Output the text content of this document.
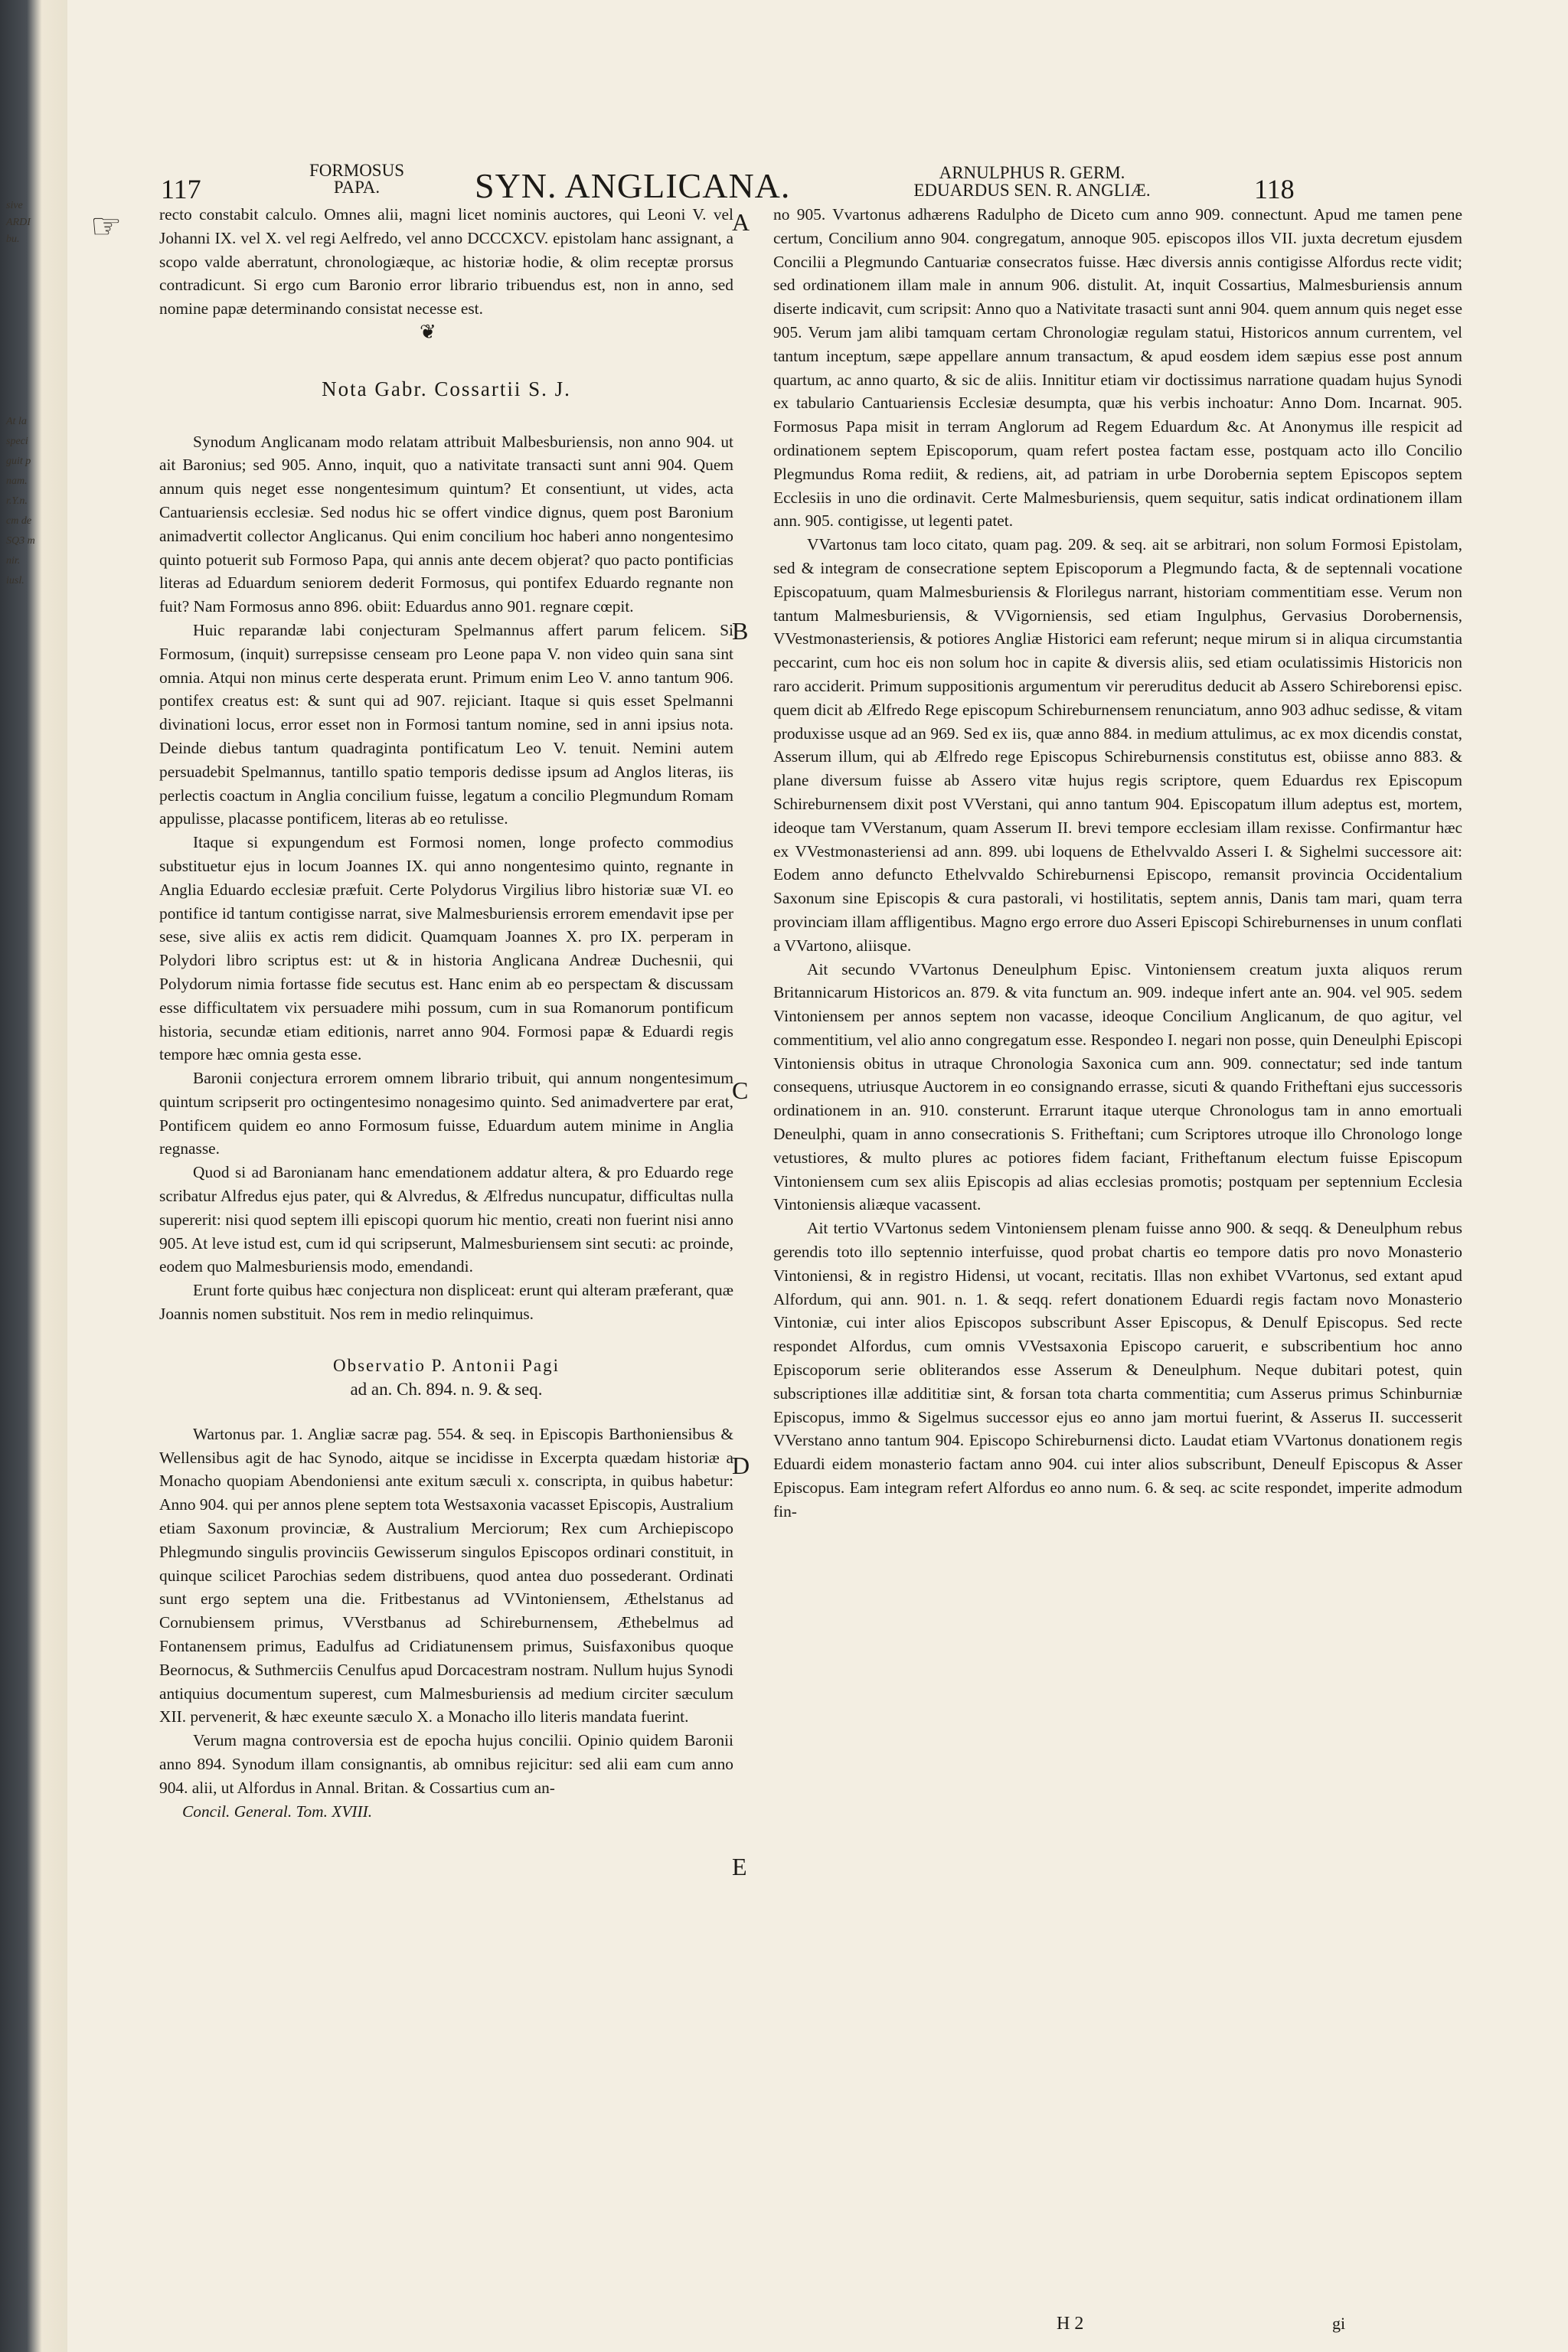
sive
ARDI
bu.
At la
speci
guit p
nam.
r.Y.n.
cm de
SQ3 m
nir.
iusl.
117
FORMOSUS PAPA.	SYN. ANGLICANA.	ARNULPHUS R. GERM.
EDUARDUS SEN. R. ANGLIÆ.	118
☞ recto constabit calculo. Omnes alii, magni licet nominis auctores, qui Leoni V. vel Johanni IX. vel X. vel regi Aelfredo, vel anno DCCCXCV. epistolam hanc assignant, a scopo valde aberratunt, chronologiæque, ac historiæ hodie, & olim receptæ prorsus contradicunt. Si ergo cum Baronio error librario tribuendus est, non in anno, sed nomine papæ determinando consistat necesse est.

❦
Nota Gabr. Cossartii S. J.

Synodum Anglicanam modo relatam attribuit Malbesburiensis, non anno 904. ut ait Baronius; sed 905. Anno, inquit, quo a nativitate transacti sunt anni 904. Quem annum quis neget esse nongentesimum quintum? Et consentiunt, ut vides, acta Cantuariensis ecclesiæ. Sed nodus hic se offert vindice dignus, quem post Baronium animadvertit collector Anglicanus. Qui enim concilium hoc haberi anno nongentesimo quinto potuerit sub Formoso Papa, qui annis ante decem objerat? quo pacto pontificias literas ad Eduardum seniorem dederit Formosus, qui pontifex Eduardo regnante non fuit? Nam Formosus anno 896. obiit: Eduardus anno 901. regnare cœpit.

Huic reparandæ labi conjecturam Spelmannus affert parum felicem. Si Formosum, (inquit) surrepsisse censeam pro Leone papa V. non video quin sana sint omnia. Atqui non minus certe desperata erunt. Primum enim Leo V. anno tantum 906. pontifex creatus est: & sunt qui ad 907. rejiciant. Itaque si quis esset Spelmanni divinationi locus, error esset non in Formosi tantum nomine, sed in anni ipsius nota. Deinde diebus tantum quadraginta pontificatum Leo V. tenuit. Nemini autem persuadebit Spelmannus, tantillo spatio temporis dedisse ipsum ad Anglos literas, iis perlectis coactum in Anglia concilium fuisse, legatum a concilio Plegmundum Romam appulisse, placasse pontificem, literas ab eo retulisse.

Itaque si expungendum est Formosi nomen, longe profecto commodius substituetur ejus in locum Joannes IX. qui anno nongentesimo quinto, regnante in Anglia Eduardo ecclesiæ præfuit. Certe Polydorus Virgilius libro historiæ suæ VI. eo pontifice id tantum contigisse narrat, sive Malmesburiensis errorem emendavit ipse per sese, sive aliis ex actis rem didicit. Quamquam Joannes X. pro IX. perperam in Polydori libro scriptus est: ut & in historia Anglicana Andreæ Duchesnii, qui Polydorum nimia fortasse fide secutus est. Hanc enim ab eo perspectam & discussam esse difficultatem vix persuadere mihi possum, cum in sua Romanorum pontificum historia, secundæ etiam editionis, narret anno 904. Formosi papæ & Eduardi regis tempore hæc omnia gesta esse.

Baronii conjectura errorem omnem librario tribuit, qui annum nongentesimum quintum scripserit pro octingentesimo nonagesimo quinto. Sed animadvertere par erat, Pontificem quidem eo anno Formosum fuisse, Eduardum autem minime in Anglia regnasse.

Quod si ad Baronianam hanc emendationem addatur altera, & pro Eduardo rege scribatur Alfredus ejus pater, qui & Alvredus, & Ælfredus nuncupatur, difficultas nulla supererit: nisi quod septem illi episcopi quorum hic mentio, creati non fuerint nisi anno 905. At leve istud est, cum id qui scripserunt, Malmesburiensem sint secuti: ac proinde, eodem quo Malmesburiensis modo, emendandi.

Erunt forte quibus hæc conjectura non displiceat: erunt qui alteram præferant, quæ Joannis nomen substituit. Nos rem in medio relinquimus.

Observatio P. Antonii Pagi
ad an. Ch. 894. n. 9. & seq.

Wartonus par. 1. Angliæ sacræ pag. 554. & seq. in Episcopis Barthoniensibus & Wellensibus agit de hac Synodo, aitque se incidisse in Excerpta quædam historiæ a Monacho quopiam Abendoniensi ante exitum sæculi x. conscripta, in quibus habetur: Anno 904. qui per annos plene septem tota Westsaxonia vacasset Episcopis, Australium etiam Saxonum provinciæ, & Australium Merciorum; Rex cum Archiepiscopo Phlegmundo singulis provinciis Gewisserum singulos Episcopos ordinari constituit, in quinque scilicet Parochias sedem distribuens, quod antea duo possederant. Ordinati sunt ergo septem una die. Fritbestanus ad VVintoniensem, Æthelstanus ad Cornubiensem primus, VVerstbanus ad Schireburnensem, Æthebelmus ad Fontanensem primus, Eadulfus ad Cridiatunensem primus, Suisfaxonibus quoque Beornocus, & Suthmerciis Cenulfus apud Dorcacestram nostram. Nullum hujus Synodi antiquius documentum superest, cum Malmesburiensis ad medium circiter sæculum XII. pervenerit, & hæc exeunte sæculo X. a Monacho illo literis mandata fuerint.

Verum magna controversia est de epocha hujus concilii. Opinio quidem Baronii anno 894. Synodum illam consignantis, ab omnibus rejicitur: sed alii eam cum anno 904. alii, ut Alfordus in Annal. Britan. & Cossartius cum an-

Concil. General. Tom. XVIII.

A
B
C
D
E

no 905. Vvartonus adhærens Radulpho de Diceto cum anno 909. connectunt. Apud me tamen pene certum, Concilium anno 904. congregatum, annoque 905. episcopos illos VII. juxta decretum ejusdem Concilii a Plegmundo Cantuariæ consecratos fuisse. Hæc diversis annis contigisse Alfordus recte vidit; sed ordinationem illam male in annum 906. distulit. At, inquit Cossartius, Malmesburiensis annum diserte indicavit, cum scripsit: Anno quo a Nativitate trasacti sunt anni 904. quem annum quis neget esse 905. Verum jam alibi tamquam certam Chronologiæ regulam statui, Historicos annum currentem, vel tantum inceptum, sæpe appellare annum transactum, & apud eosdem idem sæpius esse post annum quartum, ac anno quarto, & sic de aliis. Innititur etiam vir doctissimus narratione quadam hujus Synodi ex tabulario Cantuariensis Ecclesiæ desumpta, quæ his verbis inchoatur: Anno Dom. Incarnat. 905. Formosus Papa misit in terram Anglorum ad Regem Eduardum &c. At Anonymus ille respicit ad ordinationem septem Episcoporum, quam refert postea factam esse, postquam acto illo Concilio Plegmundus Roma rediit, & rediens, ait, ad patriam in urbe Dorobernia septem Episcopos septem Ecclesiis in uno die ordinavit. Certe Malmesburiensis, quem sequitur, satis indicat ordinationem illam ann. 905. contigisse, ut legenti patet.

VVartonus tam loco citato, quam pag. 209. & seq. ait se arbitrari, non solum Formosi Epistolam, sed & integram de consecratione septem Episcoporum a Plegmundo facta, & de septennali vocatione Episcopatuum, quam Malmesburiensis & Florilegus narrant, historiam commentitiam esse. Verum non tantum Malmesburiensis, & VVigorniensis, sed etiam Ingulphus, Gervasius Dorobernensis, VVestmonasteriensis, & potiores Angliæ Historici eam referunt; neque mirum si in aliqua circumstantia peccarint, cum hoc eis non solum hoc in capite & diversis aliis, sed etiam oculatissimis Historicis non raro acciderit. Primum suppositionis argumentum vir pereruditus deducit ab Assero Schireborensi episc. quem dicit ab Ælfredo Rege episcopum Schireburnensem renunciatum, anno 903 adhuc sedisse, & vitam produxisse usque ad an 969. Sed ex iis, quæ anno 884. in medium attulimus, ac ex mox dicendis constat, Asserum illum, qui ab Ælfredo rege Episcopus Schireburnensis constitutus est, obiisse anno 883. & plane diversum fuisse ab Assero vitæ hujus regis scriptore, quem Eduardus rex Episcopum Schireburnensem dixit post VVerstani, qui anno tantum 904. Episcopatum illum adeptus est, mortem, ideoque tam VVerstanum, quam Asserum II. brevi tempore ecclesiam illam rexisse. Confirmantur hæc ex VVestmonasteriensi ad ann. 899. ubi loquens de Ethelvvaldo Asseri I. & Sighelmi successore ait: Eodem anno defuncto Ethelvvaldo Schireburnensi Episcopo, remansit provincia Occidentalium Saxonum sine Episcopis & cura pastorali, vi hostilitatis, septem annis, Danis tam mari, quam terra provinciam illam affligentibus. Magno ergo errore duo Asseri Episcopi Schireburnenses in unum conflati a VVartono, aliisque.

Ait secundo VVartonus Deneulphum Episc. Vintoniensem creatum juxta aliquos rerum Britannicarum Historicos an. 879. & vita functum an. 909. indeque infert ante an. 904. vel 905. sedem Vintoniensem per annos septem non vacasse, ideoque Concilium Anglicanum, de quo agitur, vel commentitium, vel alio anno congregatum esse. Respondeo I. negari non posse, quin Deneulphi Episcopi Vintoniensis obitus in utraque Chronologia Saxonica cum ann. 909. connectatur; sed inde tantum consequens, utriusque Auctorem in eo consignando errasse, sicuti & quando Fritheftani ejus successoris ordinationem in an. 910. consterunt. Errarunt itaque uterque Chronologus tam in anno emortuali Deneulphi, quam in anno consecrationis S. Fritheftani; cum Scriptores utroque illo Chronologo longe vetustiores, & multo plures ac potiores fidem faciant, Fritheftanum electum fuisse Episcopum Vintoniensem cum sex aliis Episcopis ad alias ecclesias promotis; postquam per septennium Ecclesia Vintoniensis aliæque vacassent.

Ait tertio VVartonus sedem Vintoniensem plenam fuisse anno 900. & seqq. & Deneulphum rebus gerendis toto illo septennio interfuisse, quod probat chartis eo tempore datis pro novo Monasterio Vintoniensi, & in registro Hidensi, ut vocant, recitatis. Illas non exhibet VVartonus, sed extant apud Alfordum, qui ann. 901. n. 1. & seqq. refert donationem Eduardi regis factam novo Monasterio Vintoniæ, cui inter alios Episcopos subscribunt Asser Episcopus, & Denulf Episcopus. Sed recte respondet Alfordus, cum omnis VVestsaxonia Episcopo caruerit, e subscribentium hoc anno Episcoporum serie obliterandos esse Asserum & Deneulphum. Neque dubitari potest, quin subscriptiones illæ addititiæ sint, & forsan tota charta commentitia; cum Asserus primus Schinburniæ Episcopus, immo & Sigelmus successor ejus eo anno jam mortui fuerint, & Asserus II. successerit VVerstano anno tantum 904. Episcopo Schireburnensi dicto. Laudat etiam VVartonus donationem regis Eduardi eidem monasterio factam anno 904. cui inter alios subscribunt, Deneulf Episcopus & Asser Episcopus. Eam integram refert Alfordus eo anno num. 6. & seq. ac scite respondet, imperite admodum fin-

H 2	gi
